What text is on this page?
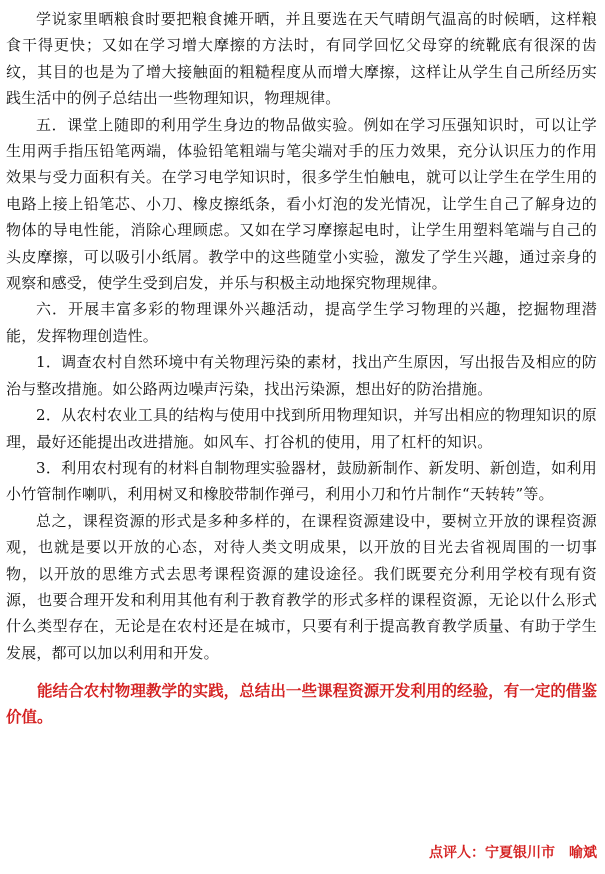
学说家里晒粮食时要把粮食摊开晒，并且要选在天气晴朗气温高的时候晒，这样粮食干得更快；又如在学习增大摩擦的方法时，有同学回忆父母穿的统靴底有很深的齿纹，其目的也是为了增大接触面的粗糙程度从而增大摩擦，这样让从学生自己所经历实践生活中的例子总结出一些物理知识，物理规律。

五．课堂上随即的利用学生身边的物品做实验。例如在学习压强知识时，可以让学生用两手指压铅笔两端，体验铅笔粗端与笔尖端对手的压力效果，充分认识压力的作用效果与受力面积有关。在学习电学知识时，很多学生怕触电，就可以让学生在学生用的电路上接上铅笔芯、小刀、橡皮擦纸条，看小灯泡的发光情况，让学生自己了解身边的物体的导电性能，消除心理顾虑。又如在学习摩擦起电时，让学生用塑料笔端与自己的头皮摩擦，可以吸引小纸屑。教学中的这些随堂小实验，激发了学生兴趣，通过亲身的观察和感受，使学生受到启发，并乐与积极主动地探究物理规律。

六．开展丰富多彩的物理课外兴趣活动，提高学生学习物理的兴趣，挖掘物理潜能，发挥物理创造性。

1．调查农村自然环境中有关物理污染的素材，找出产生原因，写出报告及相应的防治与整改措施。如公路两边噪声污染，找出污染源，想出好的防治措施。

2．从农村农业工具的结构与使用中找到所用物理知识，并写出相应的物理知识的原理，最好还能提出改进措施。如风车、打谷机的使用，用了杠杆的知识。

3．利用农村现有的材料自制物理实验器材，鼓励新制作、新发明、新创造，如利用小竹管制作喇叭，利用树叉和橡胶带制作弹弓，利用小刀和竹片制作“天转转”等。

总之，课程资源的形式是多种多样的，在课程资源建设中，要树立开放的课程资源观，也就是要以开放的心态，对待人类文明成果，以开放的目光去省视周围的一切事物，以开放的思维方式去思考课程资源的建设途径。我们既要充分利用学校有现有资源，也要合理开发和利用其他有利于教育教学的形式多样的课程资源，无论以什么形式什么类型存在，无论是在农村还是在城市，只要有利于提高教育教学质量、有助于学生发展，都可以加以利用和开发。

能结合农村物理教学的实践，总结出一些课程资源开发利用的经验，有一定的借鉴价值。

点评人：宁夏银川市　喻斌
